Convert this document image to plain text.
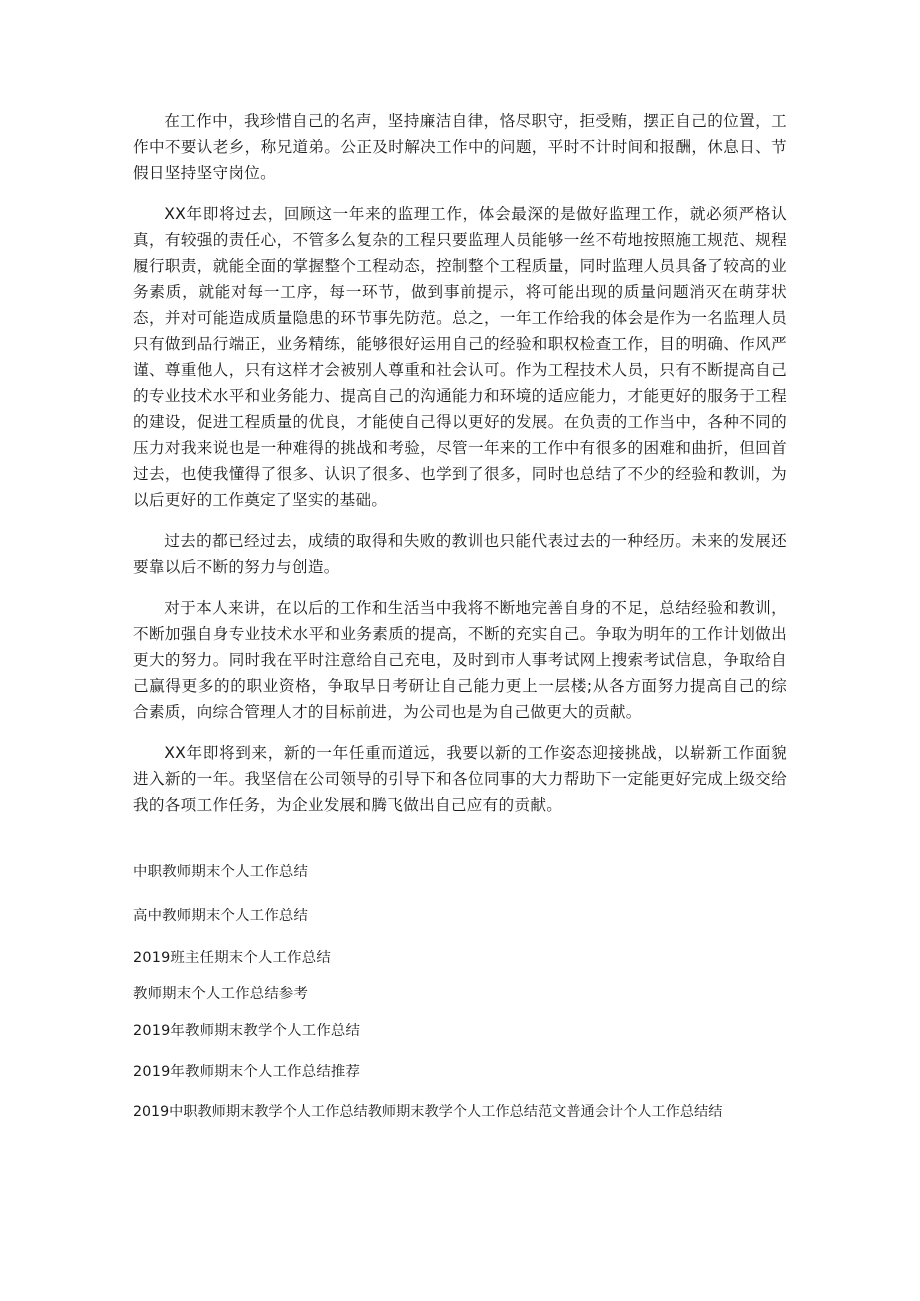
在工作中，我珍惜自己的名声，坚持廉洁自律，恪尽职守，拒受贿，摆正自己的位置，工作中不要认老乡，称兄道弟。公正及时解决工作中的问题，平时不计时间和报酬，休息日、节假日坚持坚守岗位。

XX年即将过去，回顾这一年来的监理工作，体会最深的是做好监理工作，就必须严格认真，有较强的责任心，不管多么复杂的工程只要监理人员能够一丝不苟地按照施工规范、规程履行职责，就能全面的掌握整个工程动态，控制整个工程质量，同时监理人员具备了较高的业务素质，就能对每一工序，每一环节，做到事前提示，将可能出现的质量问题消灭在萌芽状态，并对可能造成质量隐患的环节事先防范。总之，一年工作给我的体会是作为一名监理人员只有做到品行端正，业务精练，能够很好运用自己的经验和职权检查工作，目的明确、作风严谨、尊重他人，只有这样才会被别人尊重和社会认可。作为工程技术人员，只有不断提高自己的专业技术水平和业务能力、提高自己的沟通能力和环境的适应能力，才能更好的服务于工程的建设，促进工程质量的优良，才能使自己得以更好的发展。在负责的工作当中，各种不同的压力对我来说也是一种难得的挑战和考验，尽管一年来的工作中有很多的困难和曲折，但回首过去，也使我懂得了很多、认识了很多、也学到了很多，同时也总结了不少的经验和教训，为以后更好的工作奠定了坚实的基础。

过去的都已经过去，成绩的取得和失败的教训也只能代表过去的一种经历。未来的发展还要靠以后不断的努力与创造。

对于本人来讲，在以后的工作和生活当中我将不断地完善自身的不足，总结经验和教训，不断加强自身专业技术水平和业务素质的提高，不断的充实自己。争取为明年的工作计划做出更大的努力。同时我在平时注意给自己充电，及时到市人事考试网上搜索考试信息，争取给自己赢得更多的的职业资格，争取早日考研让自己能力更上一层楼;从各方面努力提高自己的综合素质，向综合管理人才的目标前进，为公司也是为自己做更大的贡献。

XX年即将到来，新的一年任重而道远，我要以新的工作姿态迎接挑战，以崭新工作面貌进入新的一年。我坚信在公司领导的引导下和各位同事的大力帮助下一定能更好完成上级交给我的各项工作任务，为企业发展和腾飞做出自己应有的贡献。

中职教师期末个人工作总结
高中教师期末个人工作总结
2019班主任期末个人工作总结
教师期末个人工作总结参考
2019年教师期末教学个人工作总结
2019年教师期末个人工作总结推荐
2019中职教师期末教学个人工作总结教师期末教学个人工作总结范文普通会计个人工作总结结
